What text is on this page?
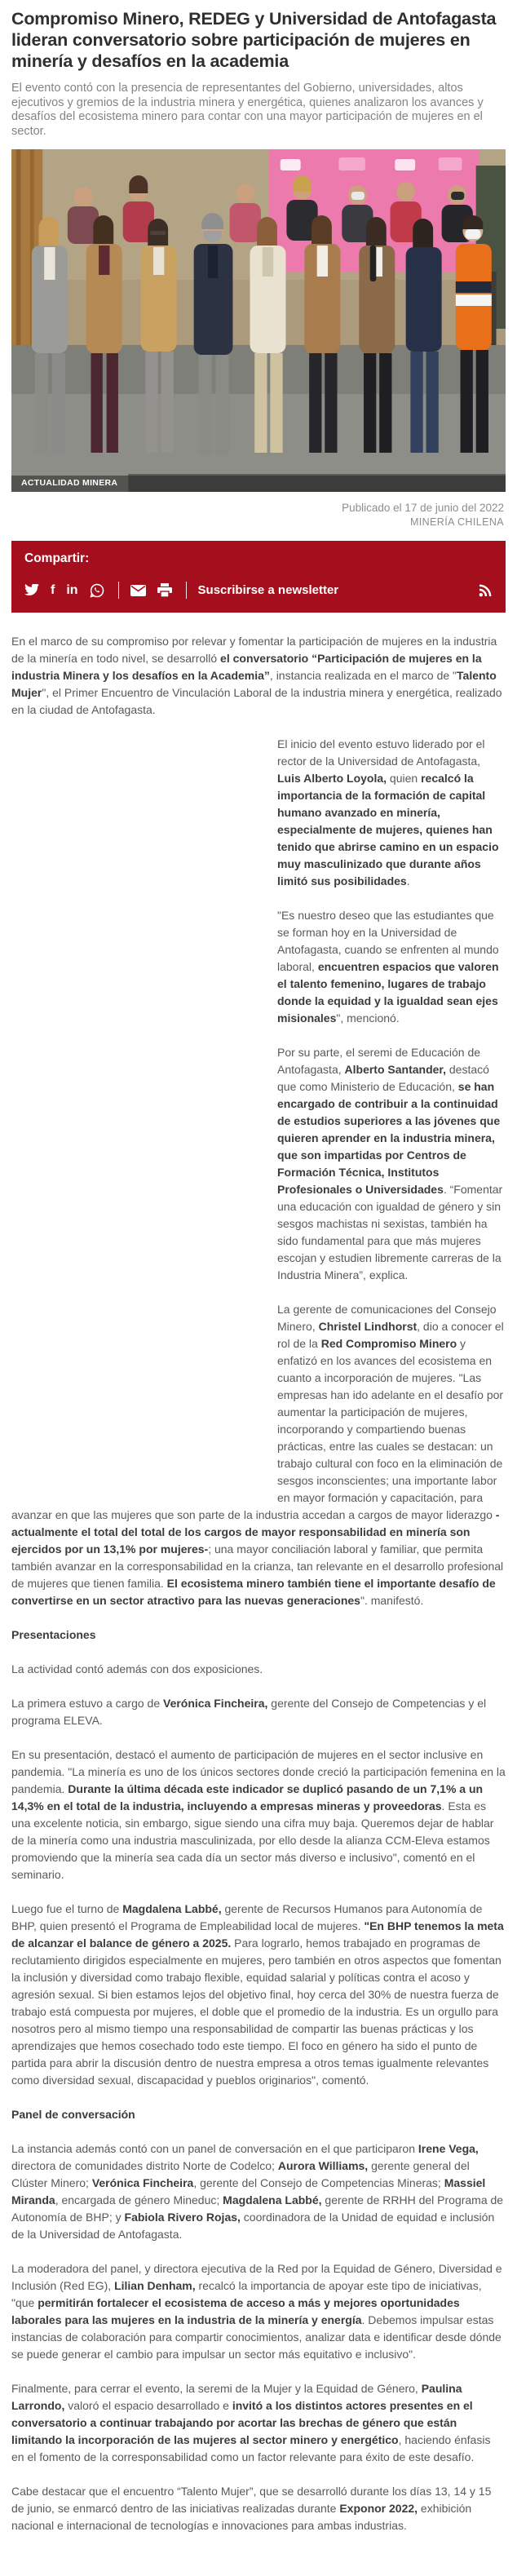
Compromiso Minero, REDEG y Universidad de Antofagasta lideran conversatorio sobre participación de mujeres en minería y desafíos en la academia

El evento contó con la presencia de representantes del Gobierno, universidades, altos ejecutivos y gremios de la industria minera y energética, quienes analizaron los avances y desafíos del ecosistema minero para contar con una mayor participación de mujeres en el sector.

ACTUALIDAD MINERA
Publicado el 17 de junio del 2022
MINERÍA CHILENA
Compartir:
f in	Suscribirse a newsletter

En el marco de su compromiso por relevar y fomentar la participación de mujeres en la industria de la minería en todo nivel, se desarrolló el conversatorio “Participación de mujeres en la industria Minera y los desafíos en la Academia”, instancia realizada en el marco de "Talento Mujer", el Primer Encuentro de Vinculación Laboral de la industria minera y energética, realizado en la ciudad de Antofagasta.

El inicio del evento estuvo liderado por el rector de la Universidad de Antofagasta, Luis Alberto Loyola, quien recalcó la importancia de la formación de capital humano avanzado en minería, especialmente de mujeres, quienes han tenido que abrirse camino en un espacio muy masculinizado que durante años limitó sus posibilidades.

"Es nuestro deseo que las estudiantes que se forman hoy en la Universidad de Antofagasta, cuando se enfrenten al mundo laboral, encuentren espacios que valoren el talento femenino, lugares de trabajo donde la equidad y la igualdad sean ejes misionales", mencionó.

Por su parte, el seremi de Educación de Antofagasta, Alberto Santander, destacó que como Ministerio de Educación, se han encargado de contribuir a la continuidad de estudios superiores a las jóvenes que quieren aprender en la industria minera, que son impartidas por Centros de Formación Técnica, Institutos Profesionales o Universidades. “Fomentar una educación con igualdad de género y sin sesgos machistas ni sexistas, también ha sido fundamental para que más mujeres escojan y estudien libremente carreras de la Industria Minera”, explica.

La gerente de comunicaciones del Consejo Minero, Christel Lindhorst, dio a conocer el rol de la Red Compromiso Minero y enfatizó en los avances del ecosistema en cuanto a incorporación de mujeres. "Las empresas han ido adelante en el desafío por aumentar la participación de mujeres, incorporando y compartiendo buenas prácticas, entre las cuales se destacan: un trabajo cultural con foco en la eliminación de sesgos inconscientes; una importante labor en mayor formación y capacitación, para avanzar en que las mujeres que son parte de la industria accedan a cargos de mayor liderazgo -actualmente el total del total de los cargos de mayor responsabilidad en minería son ejercidos por un 13,1% por mujeres-; una mayor conciliación laboral y familiar, que permita también avanzar en la corresponsabilidad en la crianza, tan relevante en el desarrollo profesional de mujeres que tienen familia. El ecosistema minero también tiene el importante desafío de convertirse en un sector atractivo para las nuevas generaciones". manifestó.

Presentaciones

La actividad contó además con dos exposiciones.

La primera estuvo a cargo de Verónica Fincheira, gerente del Consejo de Competencias y el programa ELEVA.

En su presentación, destacó el aumento de participación de mujeres en el sector inclusive en pandemia. "La minería es uno de los únicos sectores donde creció la participación femenina en la pandemia. Durante la última década este indicador se duplicó pasando de un 7,1% a un 14,3% en el total de la industria, incluyendo a empresas mineras y proveedoras. Esta es una excelente noticia, sin embargo, sigue siendo una cifra muy baja. Queremos dejar de hablar de la minería como una industria masculinizada, por ello desde la alianza CCM-Eleva estamos promoviendo que la minería sea cada día un sector más diverso e inclusivo", comentó en el seminario.

Luego fue el turno de Magdalena Labbé, gerente de Recursos Humanos para Autonomía de BHP, quien presentó el Programa de Empleabilidad local de mujeres. "En BHP tenemos la meta de alcanzar el balance de género a 2025. Para lograrlo, hemos trabajado en programas de reclutamiento dirigidos especialmente en mujeres, pero también en otros aspectos que fomentan la inclusión y diversidad como trabajo flexible, equidad salarial y políticas contra el acoso y agresión sexual. Si bien estamos lejos del objetivo final, hoy cerca del 30% de nuestra fuerza de trabajo está compuesta por mujeres, el doble que el promedio de la industria. Es un orgullo para nosotros pero al mismo tiempo una responsabilidad de compartir las buenas prácticas y los aprendizajes que hemos cosechado todo este tiempo. El foco en género ha sido el punto de partida para abrir la discusión dentro de nuestra empresa a otros temas igualmente relevantes como diversidad sexual, discapacidad y pueblos originarios", comentó.

Panel de conversación

La instancia además contó con un panel de conversación en el que participaron Irene Vega, directora de comunidades distrito Norte de Codelco; Aurora Williams, gerente general del Clúster Minero; Verónica Fincheira, gerente del Consejo de Competencias Mineras; Massiel Miranda, encargada de género Mineduc; Magdalena Labbé, gerente de RRHH del Programa de Autonomía de BHP; y Fabiola Rivero Rojas, coordinadora de la Unidad de equidad e inclusión de la Universidad de Antofagasta.

La moderadora del panel, y directora ejecutiva de la Red por la Equidad de Género, Diversidad e Inclusión (Red EG), Lilian Denham, recalcó la importancia de apoyar este tipo de iniciativas, "que permitirán fortalecer el ecosistema de acceso a más y mejores oportunidades laborales para las mujeres en la industria de la minería y energía. Debemos impulsar estas instancias de colaboración para compartir conocimientos, analizar data e identificar desde dónde se puede generar el cambio para impulsar un sector más equitativo e inclusivo".

Finalmente, para cerrar el evento, la seremi de la Mujer y la Equidad de Género, Paulina Larrondo, valoró el espacio desarrollado e invitó a los distintos actores presentes en el conversatorio a continuar trabajando por acortar las brechas de género que están limitando la incorporación de las mujeres al sector minero y energético, haciendo énfasis en el fomento de la corresponsabilidad como un factor relevante para éxito de este desafío.

Cabe destacar que el encuentro “Talento Mujer”, que se desarrolló durante los días 13, 14 y 15 de junio, se enmarcó dentro de las iniciativas realizadas durante Exponor 2022, exhibición nacional e internacional de tecnologías e innovaciones para ambas industrias.
